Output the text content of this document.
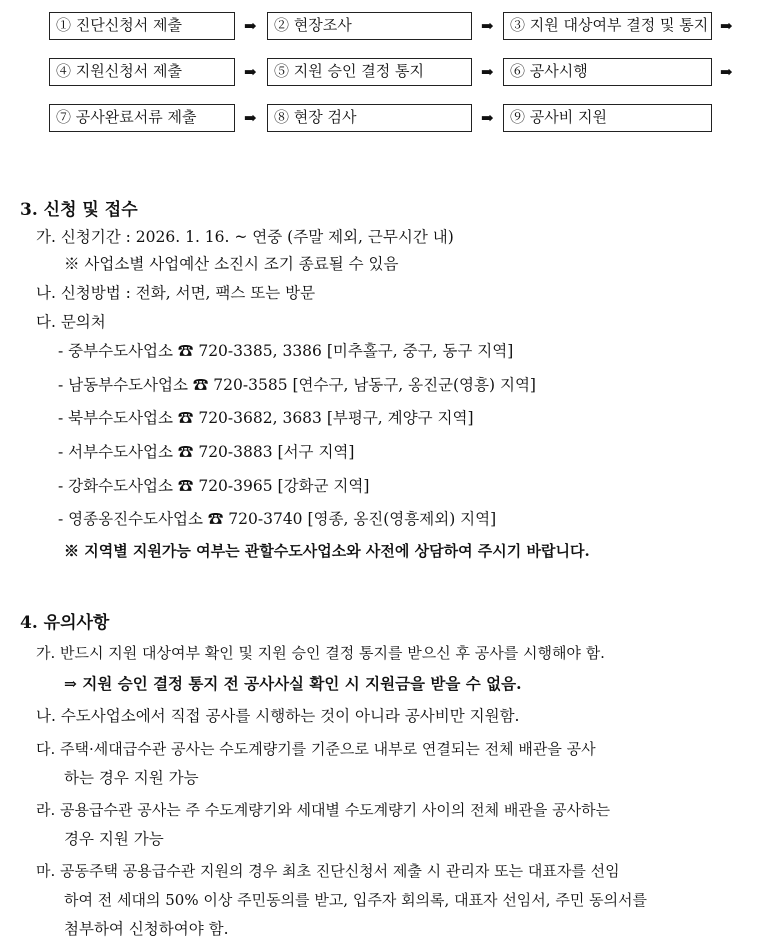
① 진단신청서 제출	➡	② 현장조사	➡	③ 지원 대상여부 결정 및 통지 ➡
④ 지원신청서 제출	➡	⑤ 지원 승인 결정 통지	➡	⑥ 공사시행	➡
⑦ 공사완료서류 제출	➡	⑧ 현장 검사	➡	⑨ 공사비 지원
3. 신청 및 접수
가. 신청기간 : 2026. 1. 16. ~ 연중 (주말 제외, 근무시간 내)
※ 사업소별 사업예산 소진시 조기 종료될 수 있음
나. 신청방법 : 전화, 서면, 팩스 또는 방문
다. 문의처
- 중부수도사업소 ☎ 720-3385, 3386 [미추홀구, 중구, 동구 지역]
- 남동부수도사업소 ☎ 720-3585 [연수구, 남동구, 옹진군(영흥) 지역]
- 북부수도사업소 ☎ 720-3682, 3683 [부평구, 계양구 지역]
- 서부수도사업소 ☎ 720-3883 [서구 지역]
- 강화수도사업소 ☎ 720-3965 [강화군 지역]
- 영종옹진수도사업소 ☎ 720-3740 [영종, 옹진(영흥제외) 지역]
※ 지역별 지원가능 여부는 관할수도사업소와 사전에 상담하여 주시기 바랍니다.
4. 유의사항
가. 반드시 지원 대상여부 확인 및 지원 승인 결정 통지를 받으신 후 공사를 시행해야 함.
⇒ 지원 승인 결정 통지 전 공사사실 확인 시 지원금을 받을 수 없음.
나. 수도사업소에서 직접 공사를 시행하는 것이 아니라 공사비만 지원함.
다. 주택·세대급수관 공사는 수도계량기를 기준으로 내부로 연결되는 전체 배관을 공사
하는 경우 지원 가능
라. 공용급수관 공사는 주 수도계량기와 세대별 수도계량기 사이의 전체 배관을 공사하는
경우 지원 가능
마. 공동주택 공용급수관 지원의 경우 최초 진단신청서 제출 시 관리자 또는 대표자를 선임
하여 전 세대의 50% 이상 주민동의를 받고, 입주자 회의록, 대표자 선임서, 주민 동의서를
첨부하여 신청하여야 함.
